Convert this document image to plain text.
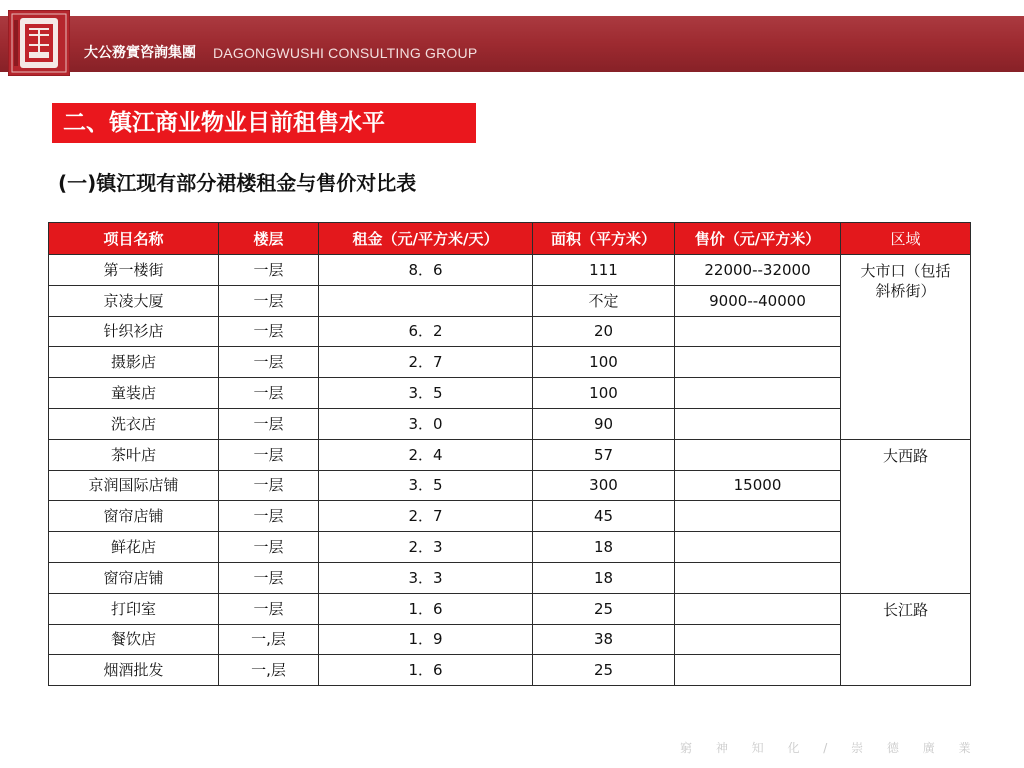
大公務實咨詢集團 DAGONGWUSHI CONSULTING GROUP
二、镇江商业物业目前租售水平
(一)镇江现有部分裙楼租金与售价对比表
项目名称	楼层	租金（元/平方米/天）	面积（平方米）	售价（元/平方米）	区域
第一楼街	一层	8．6	111	22000--32000	大市口（包括斜桥街）

京凌大厦	一层		不定	9000--40000	
针织衫店	一层	6．2	20		
摄影店	一层	2．7	100		
童装店	一层	3．5	100		
洗衣店	一层	3．0	90		
茶叶店	一层	2．4	57		大西路

京润国际店铺	一层	3．5	300	15000	
窗帘店铺	一层	2．7	45		
鲜花店	一层	2．3	18		
窗帘店铺	一层	3．3	18		
打印室	一层	1．6	25		长江路

餐饮店	一,层	1．9	38		
烟酒批发	一,层	1．6	25		
窮 神 知 化 / 崇 德 廣 業
